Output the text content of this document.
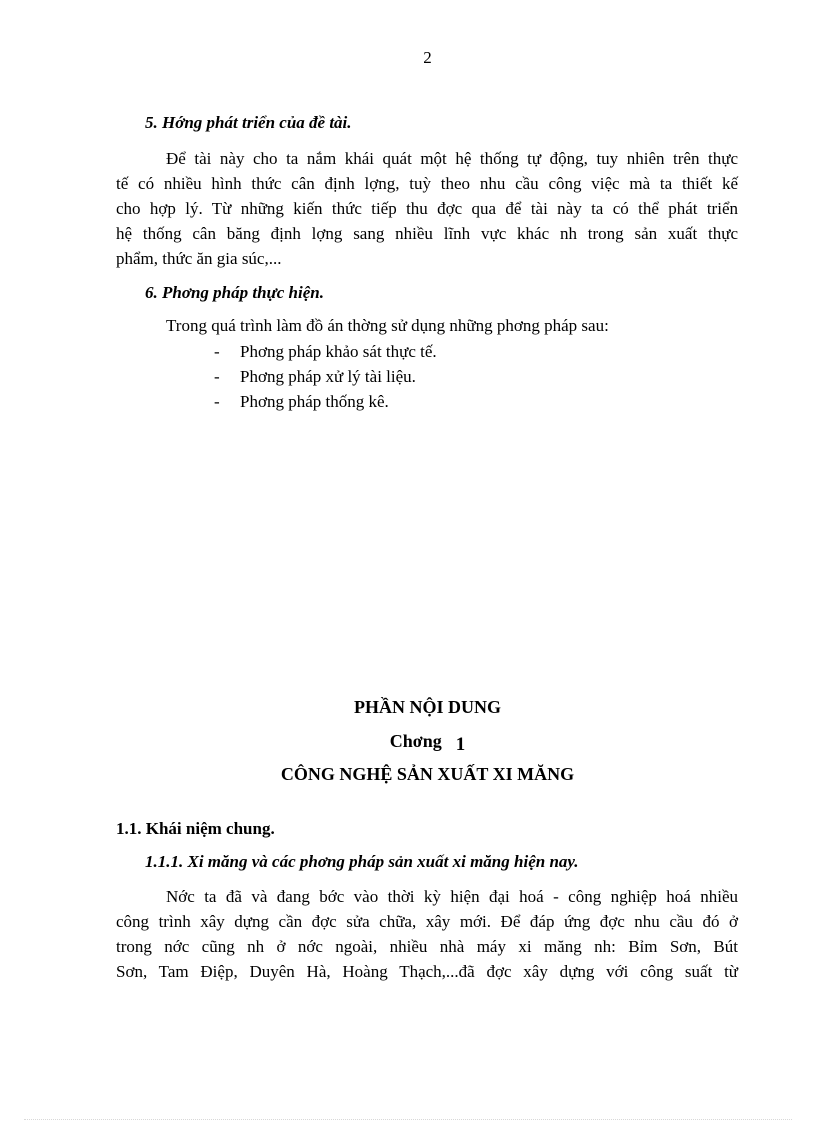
2
5. Hớng phát triển của đề tài.
Để tài này cho ta nắm khái quát một hệ thống tự động, tuy nhiên trên thực
tế có nhiều hình thức cân định lợng, tuỳ theo nhu cầu công việc mà ta thiết kế
cho hợp lý. Từ những kiến thức tiếp thu đợc qua để tài này ta có thể phát triển
hệ thống cân băng định lợng sang nhiều lĩnh vực khác nh trong sản xuất thực
phẩm, thức ăn gia súc,...
6. Phơng pháp thực hiện.
Trong quá trình làm đồ án thờng sử dụng những phơng pháp sau:
- Phơng pháp khảo sát thực tế.
- Phơng pháp xử lý tài liệu.
- Phơng pháp thống kê.
PHẦN NỘI DUNG
Chơng 1
CÔNG NGHỆ SẢN XUẤT XI MĂNG
1.1. Khái niệm chung.
1.1.1. Xi măng và các phơng pháp sản xuất xi măng hiện nay.
Nớc ta đã và đang bớc vào thời kỳ hiện đại hoá - công nghiệp hoá nhiều
công trình xây dựng cần đợc sửa chữa, xây mới. Để đáp ứng đợc nhu cầu đó ở
trong nớc cũng nh ở nớc ngoài, nhiều nhà máy xi măng nh: Bỉm Sơn, Bút
Sơn, Tam Điệp, Duyên Hà, Hoàng Thạch,...đã đợc xây dựng với công suất từ
